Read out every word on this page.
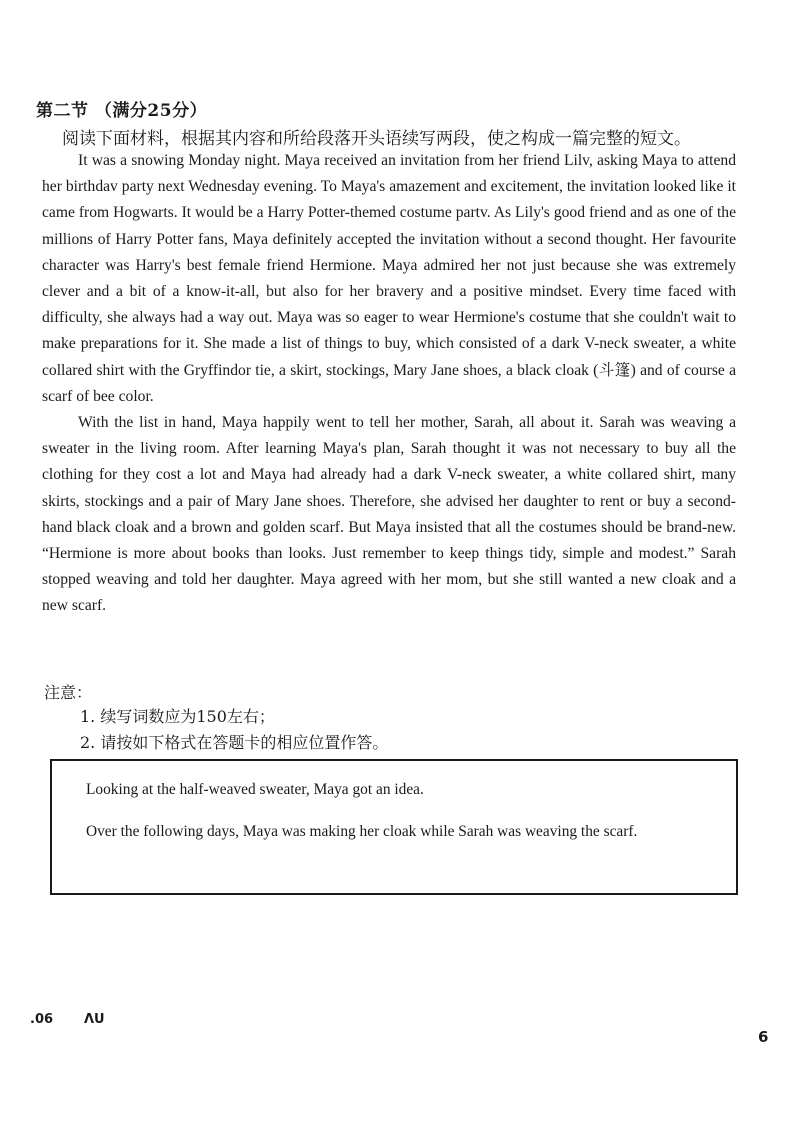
第二节 （满分25分）
阅读下面材料，根据其内容和所给段落开头语续写两段，使之构成一篇完整的短文。

It was a snowing Monday night. Maya received an invitation from her friend Lilv, asking Maya to attend her birthdav party next Wednesday evening. To Maya's amazement and excitement, the invitation looked like it came from Hogwarts. It would be a Harry Potter-themed costume partv. As Lily's good friend and as one of the millions of Harry Potter fans, Maya definitely accepted the invitation without a second thought. Her favourite character was Harry's best female friend Hermione. Maya admired her not just because she was extremely clever and a bit of a know-it-all, but also for her bravery and a positive mindset. Every time faced with difficulty, she always had a way out. Maya was so eager to wear Hermione's costume that she couldn't wait to make preparations for it. She made a list of things to buy, which consisted of a dark V-neck sweater, a white collared shirt with the Gryffindor tie, a skirt, stockings, Mary Jane shoes, a black cloak (斗篷) and of course a scarf of bee color.

With the list in hand, Maya happily went to tell her mother, Sarah, all about it. Sarah was weaving a sweater in the living room. After learning Maya's plan, Sarah thought it was not necessary to buy all the clothing for they cost a lot and Maya had already had a dark V-neck sweater, a white collared shirt, many skirts, stockings and a pair of Mary Jane shoes. Therefore, she advised her daughter to rent or buy a second-hand black cloak and a brown and golden scarf. But Maya insisted that all the costumes should be brand-new. “Hermione is more about books than looks. Just remember to keep things tidy, simple and modest.” Sarah stopped weaving and told her daughter. Maya agreed with her mom, but she still wanted a new cloak and a new scarf.

注意：
1. 续写词数应为150左右；
2. 请按如下格式在答题卡的相应位置作答。
Looking at the half-weaved sweater, Maya got an idea.
Over the following days, Maya was making her cloak while Sarah was weaving the scarf.
.06 ΛU
6
